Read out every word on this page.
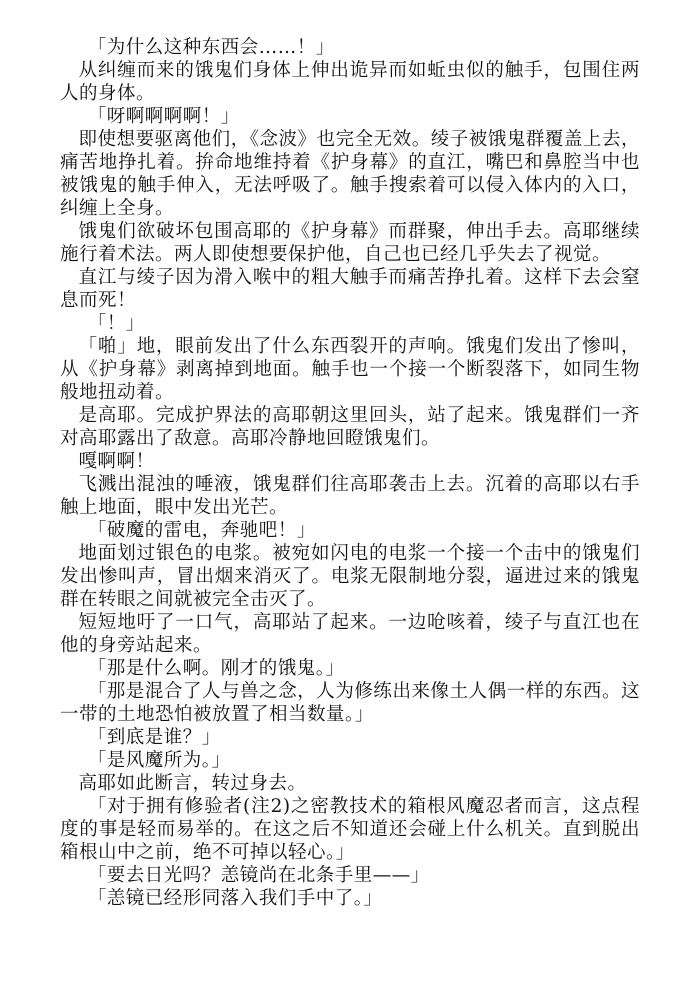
「为什么这种东西会……！」

从纠缠而来的饿鬼们身体上伸出诡异而如蚯虫似的触手，包围住两人的身体。

「呀啊啊啊啊！」

即使想要驱离他们，《念波》也完全无效。绫子被饿鬼群覆盖上去，痛苦地挣扎着。拚命地维持着《护身幕》的直江，嘴巴和鼻腔当中也被饿鬼的触手伸入，无法呼吸了。触手搜索着可以侵入体内的入口，纠缠上全身。

饿鬼们欲破坏包围高耶的《护身幕》而群聚，伸出手去。高耶继续施行着术法。两人即使想要保护他，自己也已经几乎失去了视觉。

直江与绫子因为滑入喉中的粗大触手而痛苦挣扎着。这样下去会窒息而死！

「！」

「啪」地，眼前发出了什么东西裂开的声响。饿鬼们发出了惨叫，从《护身幕》剥离掉到地面。触手也一个接一个断裂落下，如同生物般地扭动着。

是高耶。完成护界法的高耶朝这里回头，站了起来。饿鬼群们一齐对高耶露出了敌意。高耶冷静地回瞪饿鬼们。

嘎啊啊！

飞溅出混浊的唾液，饿鬼群们往高耶袭击上去。沉着的高耶以右手触上地面，眼中发出光芒。

「破魔的雷电，奔驰吧！」

地面划过银色的电浆。被宛如闪电的电浆一个接一个击中的饿鬼们发出惨叫声，冒出烟来消灭了。电浆无限制地分裂，逼进过来的饿鬼群在转眼之间就被完全击灭了。

短短地吁了一口气，高耶站了起来。一边呛咳着，绫子与直江也在他的身旁站起来。

「那是什么啊。刚才的饿鬼。」

「那是混合了人与兽之念，人为修练出来像土人偶一样的东西。这一带的土地恐怕被放置了相当数量。」

「到底是谁？」

「是风魔所为。」

高耶如此断言，转过身去。

「对于拥有修验者(注2)之密教技术的箱根风魔忍者而言，这点程度的事是轻而易举的。在这之后不知道还会碰上什么机关。直到脱出箱根山中之前，绝不可掉以轻心。」

「要去日光吗？恙镜尚在北条手里——」

「恙镜已经形同落入我们手中了。」
